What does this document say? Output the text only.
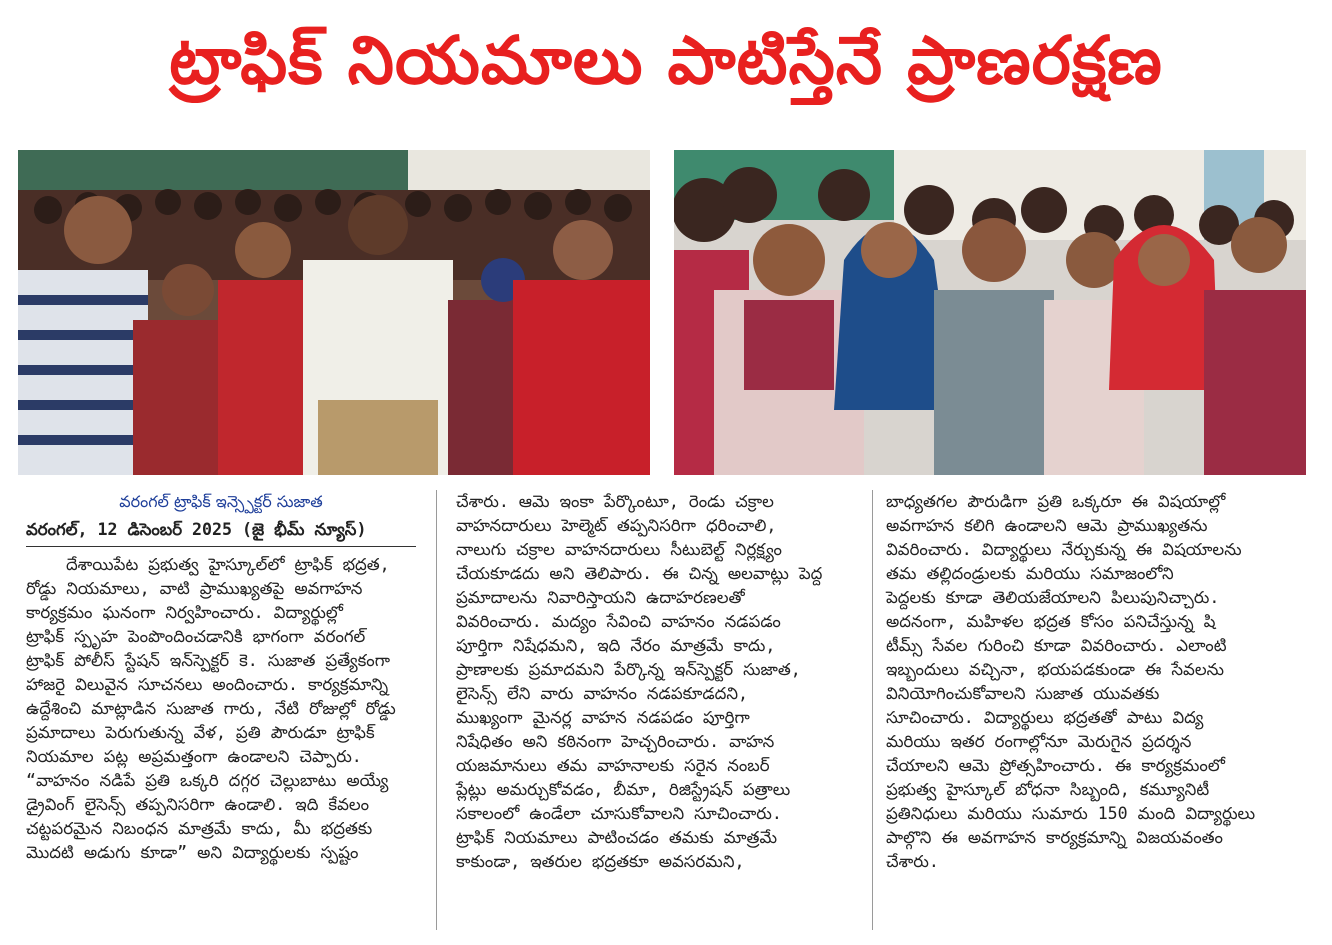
ట్రాఫిక్ నియమాలు పాటిస్తేనే ప్రాణరక్షణ

వరంగల్ ట్రాఫిక్ ఇన్స్పెక్టర్ సుజాత

వరంగల్, 12 డిసెంబర్ 2025 (జై భీమ్ న్యూస్)

దేశాయిపేట ప్రభుత్వ హైస్కూల్‌లో ట్రాఫిక్ భద్రత,

రోడ్డు నియమాలు, వాటి ప్రాముఖ్యతపై అవగాహన

కార్యక్రమం ఘనంగా నిర్వహించారు. విద్యార్థుల్లో

ట్రాఫిక్ స్పృహ పెంపొందించడానికి భాగంగా వరంగల్

ట్రాఫిక్ పోలీస్ స్టేషన్ ఇన్‌స్పెక్టర్ కె. సుజాత ప్రత్యేకంగా

హాజరై విలువైన సూచనలు అందించారు. కార్యక్రమాన్ని

ఉద్దేశించి మాట్లాడిన సుజాత గారు, నేటి రోజుల్లో రోడ్డు

ప్రమాదాలు పెరుగుతున్న వేళ, ప్రతి పౌరుడూ ట్రాఫిక్

నియమాల పట్ల అప్రమత్తంగా ఉండాలని చెప్పారు.

“వాహనం నడిపే ప్రతి ఒక్కరి దగ్గర చెల్లుబాటు అయ్యే

డ్రైవింగ్ లైసెన్స్ తప్పనిసరిగా ఉండాలి. ఇది కేవలం

చట్టపరమైన నిబంధన మాత్రమే కాదు, మీ భద్రతకు

మొదటి అడుగు కూడా” అని విద్యార్థులకు స్పష్టం

చేశారు. ఆమె ఇంకా పేర్కొంటూ, రెండు చక్రాల

వాహనదారులు హెల్మెట్ తప్పనిసరిగా ధరించాలి,

నాలుగు చక్రాల వాహనదారులు సీటుబెల్ట్ నిర్లక్ష్యం

చేయకూడదు అని తెలిపారు. ఈ చిన్న అలవాట్లు పెద్ద

ప్రమాదాలను నివారిస్తాయని ఉదాహరణలతో

వివరించారు. మద్యం సేవించి వాహనం నడపడం

పూర్తిగా నిషేధమని, ఇది నేరం మాత్రమే కాదు,

ప్రాణాలకు ప్రమాదమని పేర్కొన్న ఇన్‌స్పెక్టర్ సుజాత,

లైసెన్స్ లేని వారు వాహనం నడపకూడదని,

ముఖ్యంగా మైనర్ల వాహన నడపడం పూర్తిగా

నిషేధితం అని కఠినంగా హెచ్చరించారు. వాహన

యజమానులు తమ వాహనాలకు సరైన నంబర్

ప్లేట్లు అమర్చుకోవడం, బీమా, రిజిస్ట్రేషన్ పత్రాలు

సకాలంలో ఉండేలా చూసుకోవాలని సూచించారు.

ట్రాఫిక్ నియమాలు పాటించడం తమకు మాత్రమే

కాకుండా, ఇతరుల భద్రతకూ అవసరమని,

బాధ్యతగల పౌరుడిగా ప్రతి ఒక్కరూ ఈ విషయాల్లో

అవగాహన కలిగి ఉండాలని ఆమె ప్రాముఖ్యతను

వివరించారు. విద్యార్థులు నేర్చుకున్న ఈ విషయాలను

తమ తల్లిదండ్రులకు మరియు సమాజంలోని

పెద్దలకు కూడా తెలియజేయాలని పిలుపునిచ్చారు.

అదనంగా, మహిళల భద్రత కోసం పనిచేస్తున్న షి

టీమ్స్ సేవల గురించి కూడా వివరించారు. ఎలాంటి

ఇబ్బందులు వచ్చినా, భయపడకుండా ఈ సేవలను

వినియోగించుకోవాలని సుజాత యువతకు

సూచించారు. విద్యార్థులు భద్రతతో పాటు విద్య

మరియు ఇతర రంగాల్లోనూ మెరుగైన ప్రదర్శన

చేయాలని ఆమె ప్రోత్సహించారు. ఈ కార్యక్రమంలో

ప్రభుత్వ హైస్కూల్ బోధనా సిబ్బంది, కమ్యూనిటీ

ప్రతినిధులు మరియు సుమారు 150 మంది విద్యార్థులు

పాల్గొని ఈ అవగాహన కార్యక్రమాన్ని విజయవంతం

చేశారు.
